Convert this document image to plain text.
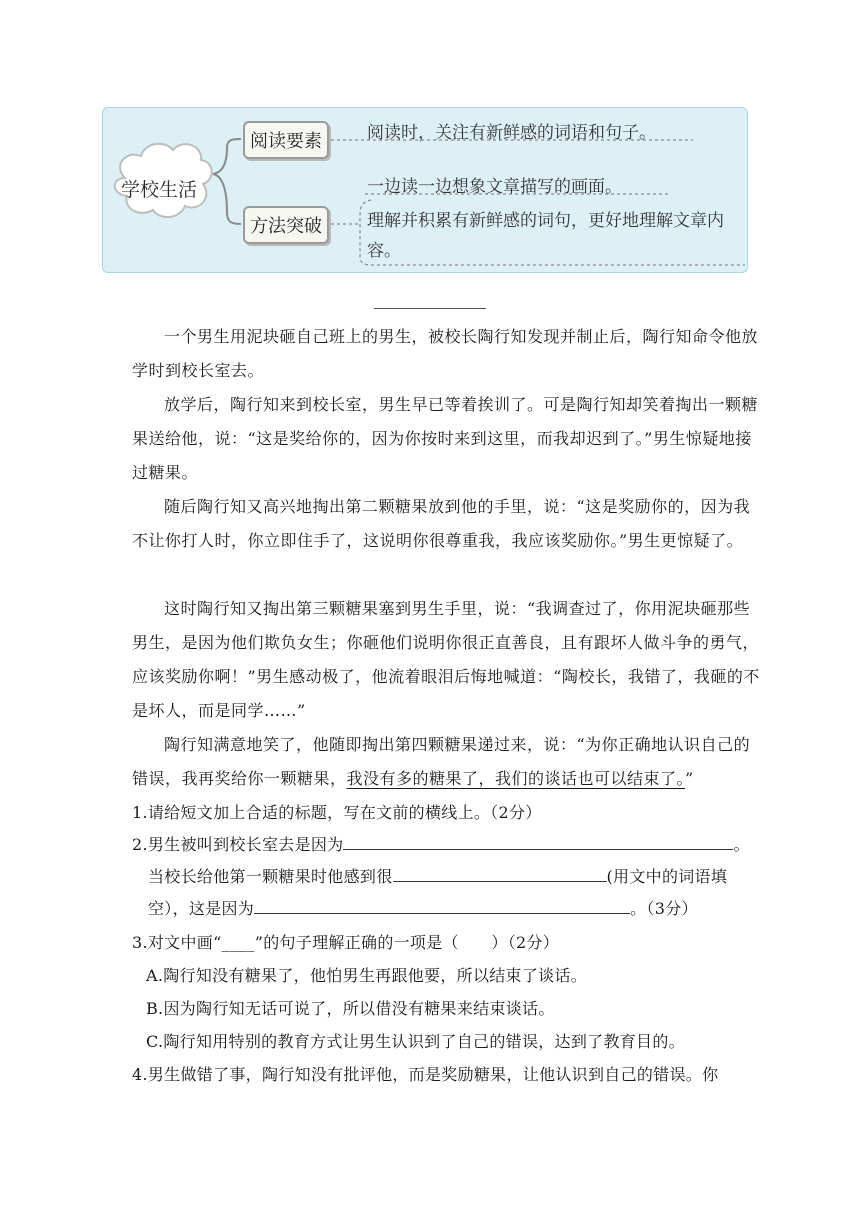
学校生活
阅读要素
方法突破
阅读时，关注有新鲜感的词语和句子。
一边读一边想象文章描写的画面。
理解并积累有新鲜感的词句，更好地理解文章内容。

一个男生用泥块砸自己班上的男生，被校长陶行知发现并制止后，陶行知命令他放学时到校长室去。

放学后，陶行知来到校长室，男生早已等着挨训了。可是陶行知却笑着掏出一颗糖果送给他，说：“这是奖给你的，因为你按时来到这里，而我却迟到了。”男生惊疑地接过糖果。

随后陶行知又高兴地掏出第二颗糖果放到他的手里，说：“这是奖励你的，因为我不让你打人时，你立即住手了，这说明你很尊重我，我应该奖励你。”男生更惊疑了。

这时陶行知又掏出第三颗糖果塞到男生手里，说：“我调查过了，你用泥块砸那些男生，是因为他们欺负女生；你砸他们说明你很正直善良，且有跟坏人做斗争的勇气，应该奖励你啊！”男生感动极了，他流着眼泪后悔地喊道：“陶校长，我错了，我砸的不是坏人，而是同学……”

陶行知满意地笑了，他随即掏出第四颗糖果递过来，说：“为你正确地认识自己的错误，我再奖给你一颗糖果，我没有多的糖果了，我们的谈话也可以结束了。”

1.请给短文加上合适的标题，写在文前的横线上。（2分）
2.男生被叫到校长室去是因为	。
当校长给他第一颗糖果时他感到很	(用文中的词语填
空），这是因为	。（3分）
3.对文中画“____”的句子理解正确的一项是（　　）（2分）
A.陶行知没有糖果了，他怕男生再跟他要，所以结束了谈话。
B.因为陶行知无话可说了，所以借没有糖果来结束谈话。
C.陶行知用特别的教育方式让男生认识到了自己的错误，达到了教育目的。
4.男生做错了事，陶行知没有批评他，而是奖励糖果，让他认识到自己的错误。你
